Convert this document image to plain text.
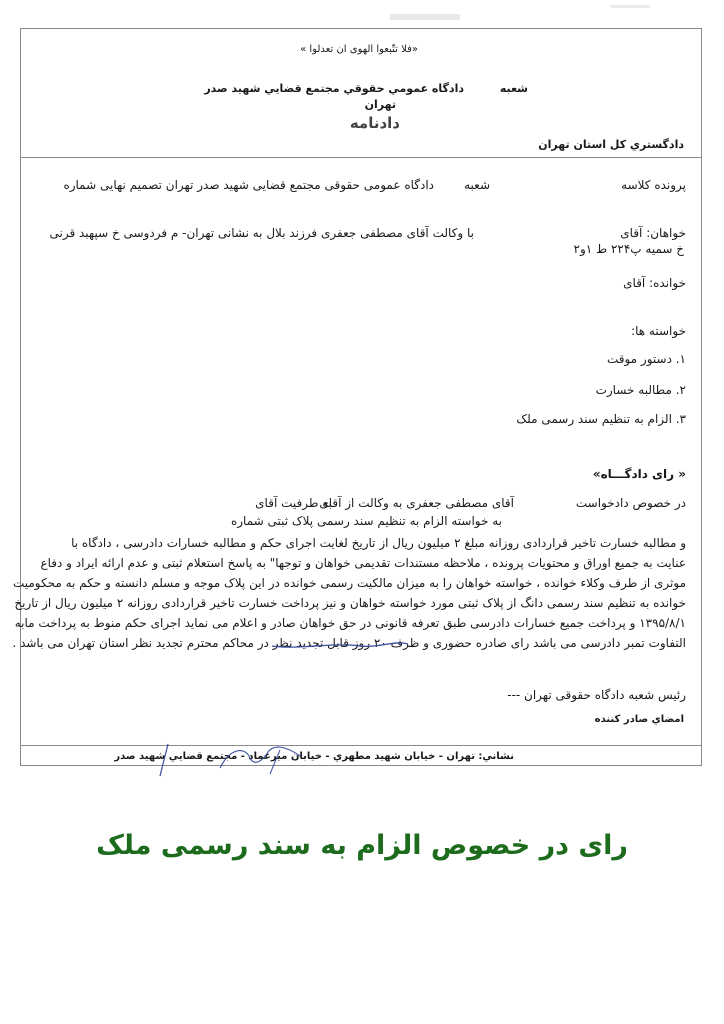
«فلا تتّبعوا الهوی ان تعدلوا »
شعبه
دادگاه عمومي حقوقي مجتمع قضايي شهيد صدر
تهران
دادنامه
دادگستري كل استان تهران
پرونده كلاسه
شعبه
دادگاه عمومی حقوقی مجتمع قضایی شهید صدر تهران تصمیم نهایی شماره
خواهان: آقای
با وکالت آقای مصطفی جعفری فرزند بلال به نشانی تهران- م فردوسی خ سپهبد قرنی
خ سمیه پ۲۲۴ ط ۱و۲
خوانده: آقای
خواسته ها:
۱. دستور موقت
۲. مطالبه خسارت
۳. الزام به تنظیم سند رسمی ملک
« رای دادگـــاه»
در خصوص دادخواست
آقای مصطفی جعفری به وکالت از آقای
به طرفیت آقای
به خواسته الزام به تنظیم سند رسمی پلاک ثبتی شماره
و مطالبه خسارت تاخیر قراردادی روزانه مبلغ ۲ میلیون ریال از تاریخ لغایت اجرای حکم و مطالبه خسارات دادرسی ، دادگاه با
عنایت به جمیع اوراق و محتویات پرونده ، ملاحظه مستندات تقدیمی خواهان و توجها" به پاسخ استعلام ثبتی و عدم ارائه ایراد و دفاع
موثری از طرف وکلاء خوانده ، خواسته خواهان را به میزان مالکیت رسمی خوانده در این پلاک موجه و مسلم دانسته و حکم به محکومیت
خوانده به تنظیم سند رسمی دانگ از پلاک ثبتی مورد خواسته خواهان و نیز پرداخت خسارت تاخیر قراردادی روزانه ۲ میلیون ریال از تاریخ
۱۳۹۵/۸/۱ و پرداخت جمیع خسارات دادرسی طبق تعرفه قانونی در حق خواهان صادر و اعلام می نماید اجرای حکم منوط به پرداخت مابه
التفاوت تمبر دادرسی می باشد رای صادره حضوری و ظرف ۲۰ روز قابل تجدید نظر در محاکم محترم تجدید نظر استان تهران می باشد .
رئیس شعبه دادگاه حقوقی تهران ---
امضاي صادر كننده
نشاني: تهران - خيابان شهيد مطهري - خيابان ميرعماد - مجتمع قضايي شهيد صدر
رای در خصوص الزام به سند رسمی ملک
